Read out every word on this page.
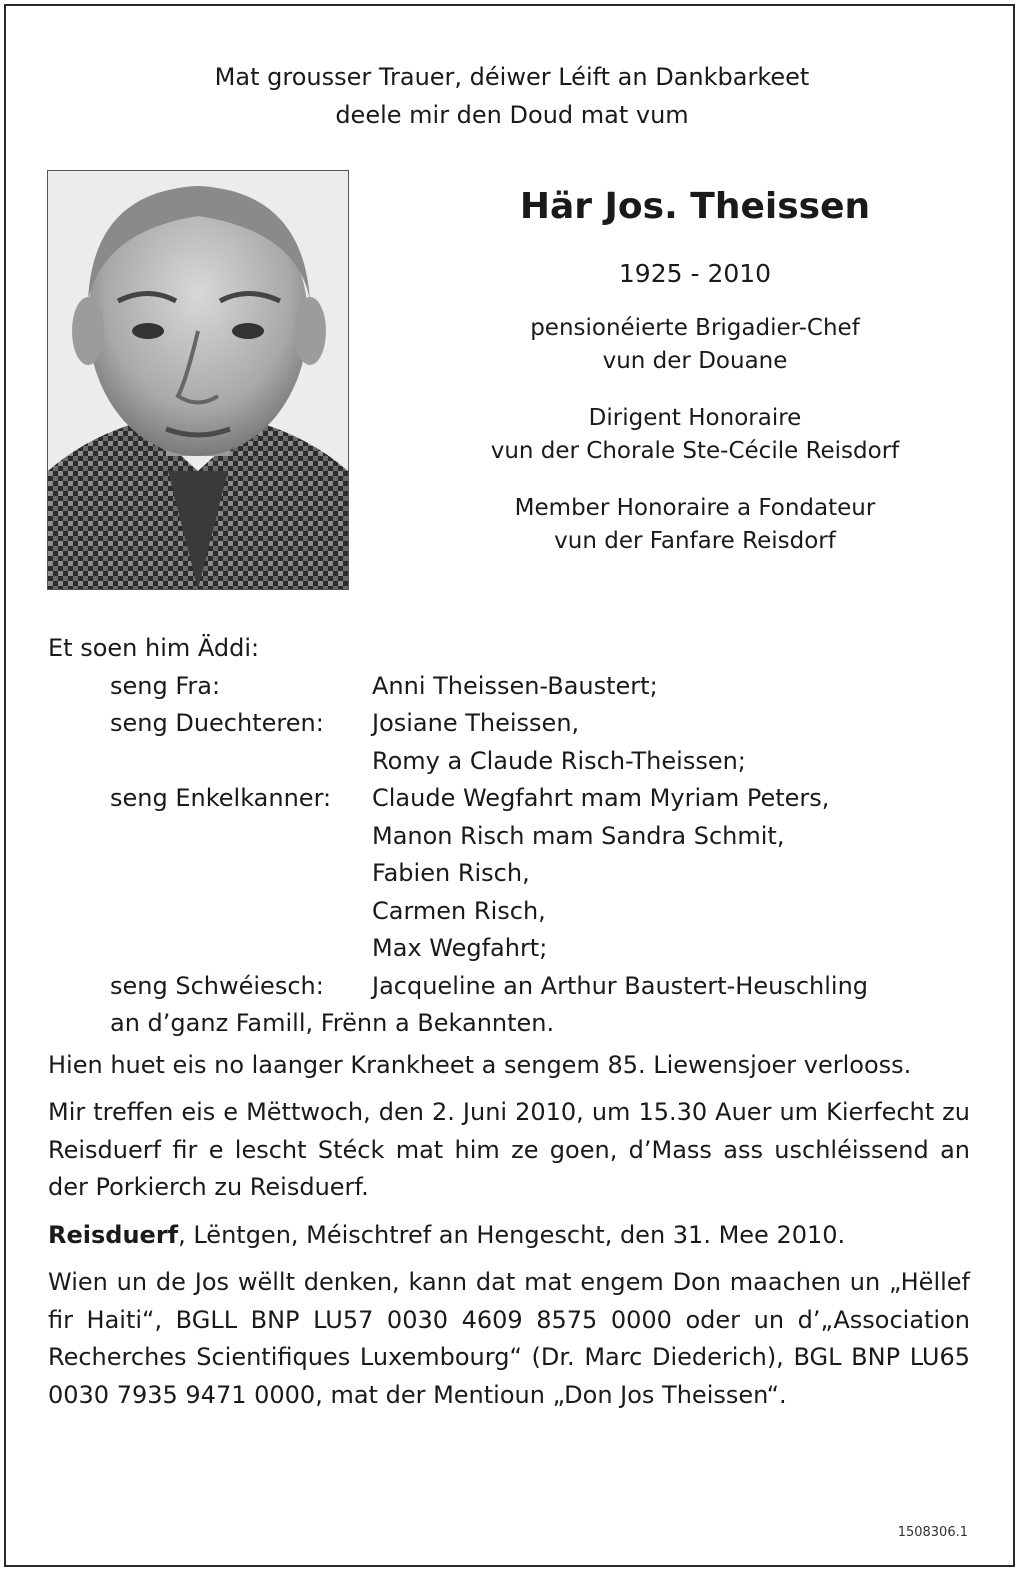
Mat grousser Trauer, déiwer Léift an Dankbarkeet
deele mir den Doud mat vum
Här Jos. Theissen
1925 - 2010
pensionéierte Brigadier-Chef
vun der Douane
Dirigent Honoraire
vun der Chorale Ste-Cécile Reisdorf
Member Honoraire a Fondateur
vun der Fanfare Reisdorf
Et soen him Äddi:
seng Fra:	Anni Theissen-Baustert;
seng Duechteren:	Josiane Theissen,
Romy a Claude Risch-Theissen;
seng Enkelkanner:	Claude Wegfahrt mam Myriam Peters,
Manon Risch mam Sandra Schmit,
Fabien Risch,
Carmen Risch,
Max Wegfahrt;
seng Schwéiesch:	Jacqueline an Arthur Baustert-Heuschling
an d’ganz Famill, Frënn a Bekannten.
Hien huet eis no laanger Krankheet a sengem 85. Liewensjoer verlooss.
Mir treffen eis e Mëttwoch, den 2. Juni 2010, um 15.30 Auer um Kierfecht zu Reisduerf fir e lescht Stéck mat him ze goen, d’Mass ass uschléissend an der Porkierch zu Reisduerf.
Reisduerf, Lëntgen, Méischtref an Hengescht, den 31. Mee 2010.
Wien un de Jos wëllt denken, kann dat mat engem Don maachen un „Hëllef fir Haiti“, BGLL BNP LU57 0030 4609 8575 0000 oder un d’„Association Recherches Scientifiques Luxembourg“ (Dr. Marc Diederich), BGL BNP LU65 0030 7935 9471 0000, mat der Mentioun „Don Jos Theissen“.
1508306.1
